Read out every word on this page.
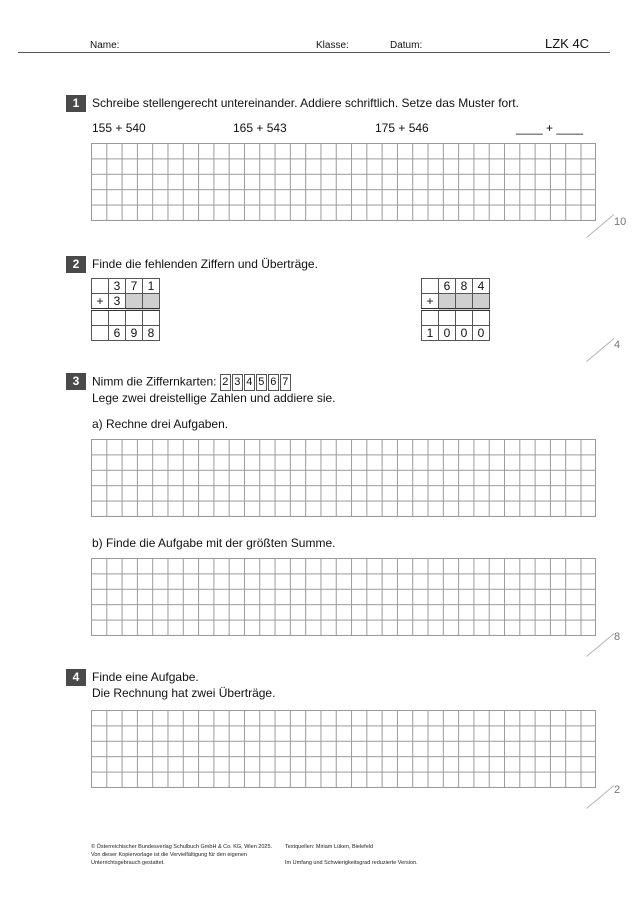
Name:	Klasse:	Datum:	LZK 4C
1	Schreibe stellengerecht untereinander. Addiere schriftlich. Setze das Muster fort.
155 + 540	165 + 543	175 + 546	____ + ____
10
2	Finde die fehlenden Ziffern und Überträge.
	3	7	1
+	3		

	6	9	8
	6	8	4
+			

1	0	0	0
4
3	Nimm die Ziffernkarten: 2 3 4 5 6 7
Lege zwei dreistellige Zahlen und addiere sie.
a) Rechne drei Aufgaben.
b) Finde die Aufgabe mit der größten Summe.
8
4	Finde eine Aufgabe.
Die Rechnung hat zwei Überträge.
2
© Österreichischer Bundesverlag Schulbuch GmbH & Co. KG, Wien 2025.
Von dieser Kopiervorlage ist die Vervielfältigung für den eigenen
Unterrichtsgebrauch gestattet.
Textquellen: Miriam Lüken, Bielefeld

Im Umfang und Schwierigkeitsgrad reduzierte Version.
